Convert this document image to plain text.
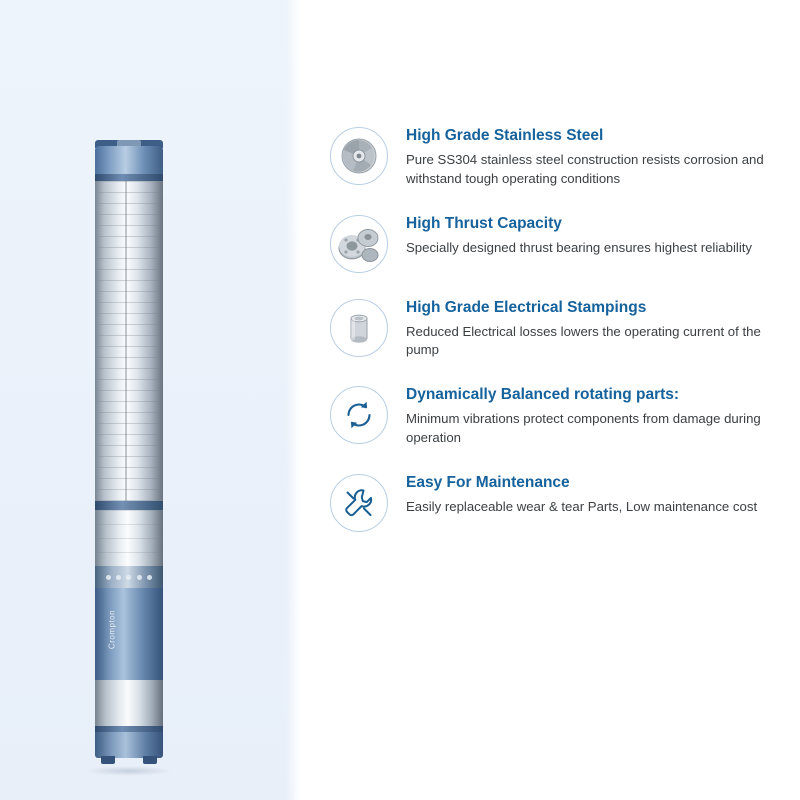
Crompton

High Grade Stainless Steel

Pure SS304 stainless steel construction resists corrosion and withstand tough operating conditions

High Thrust Capacity

Specially designed thrust bearing ensures highest reliability

High Grade Electrical Stampings

Reduced Electrical losses lowers the operating current of the pump

Dynamically Balanced rotating parts:

Minimum vibrations protect components from damage during operation

Easy For Maintenance

Easily replaceable wear & tear Parts, Low maintenance cost
